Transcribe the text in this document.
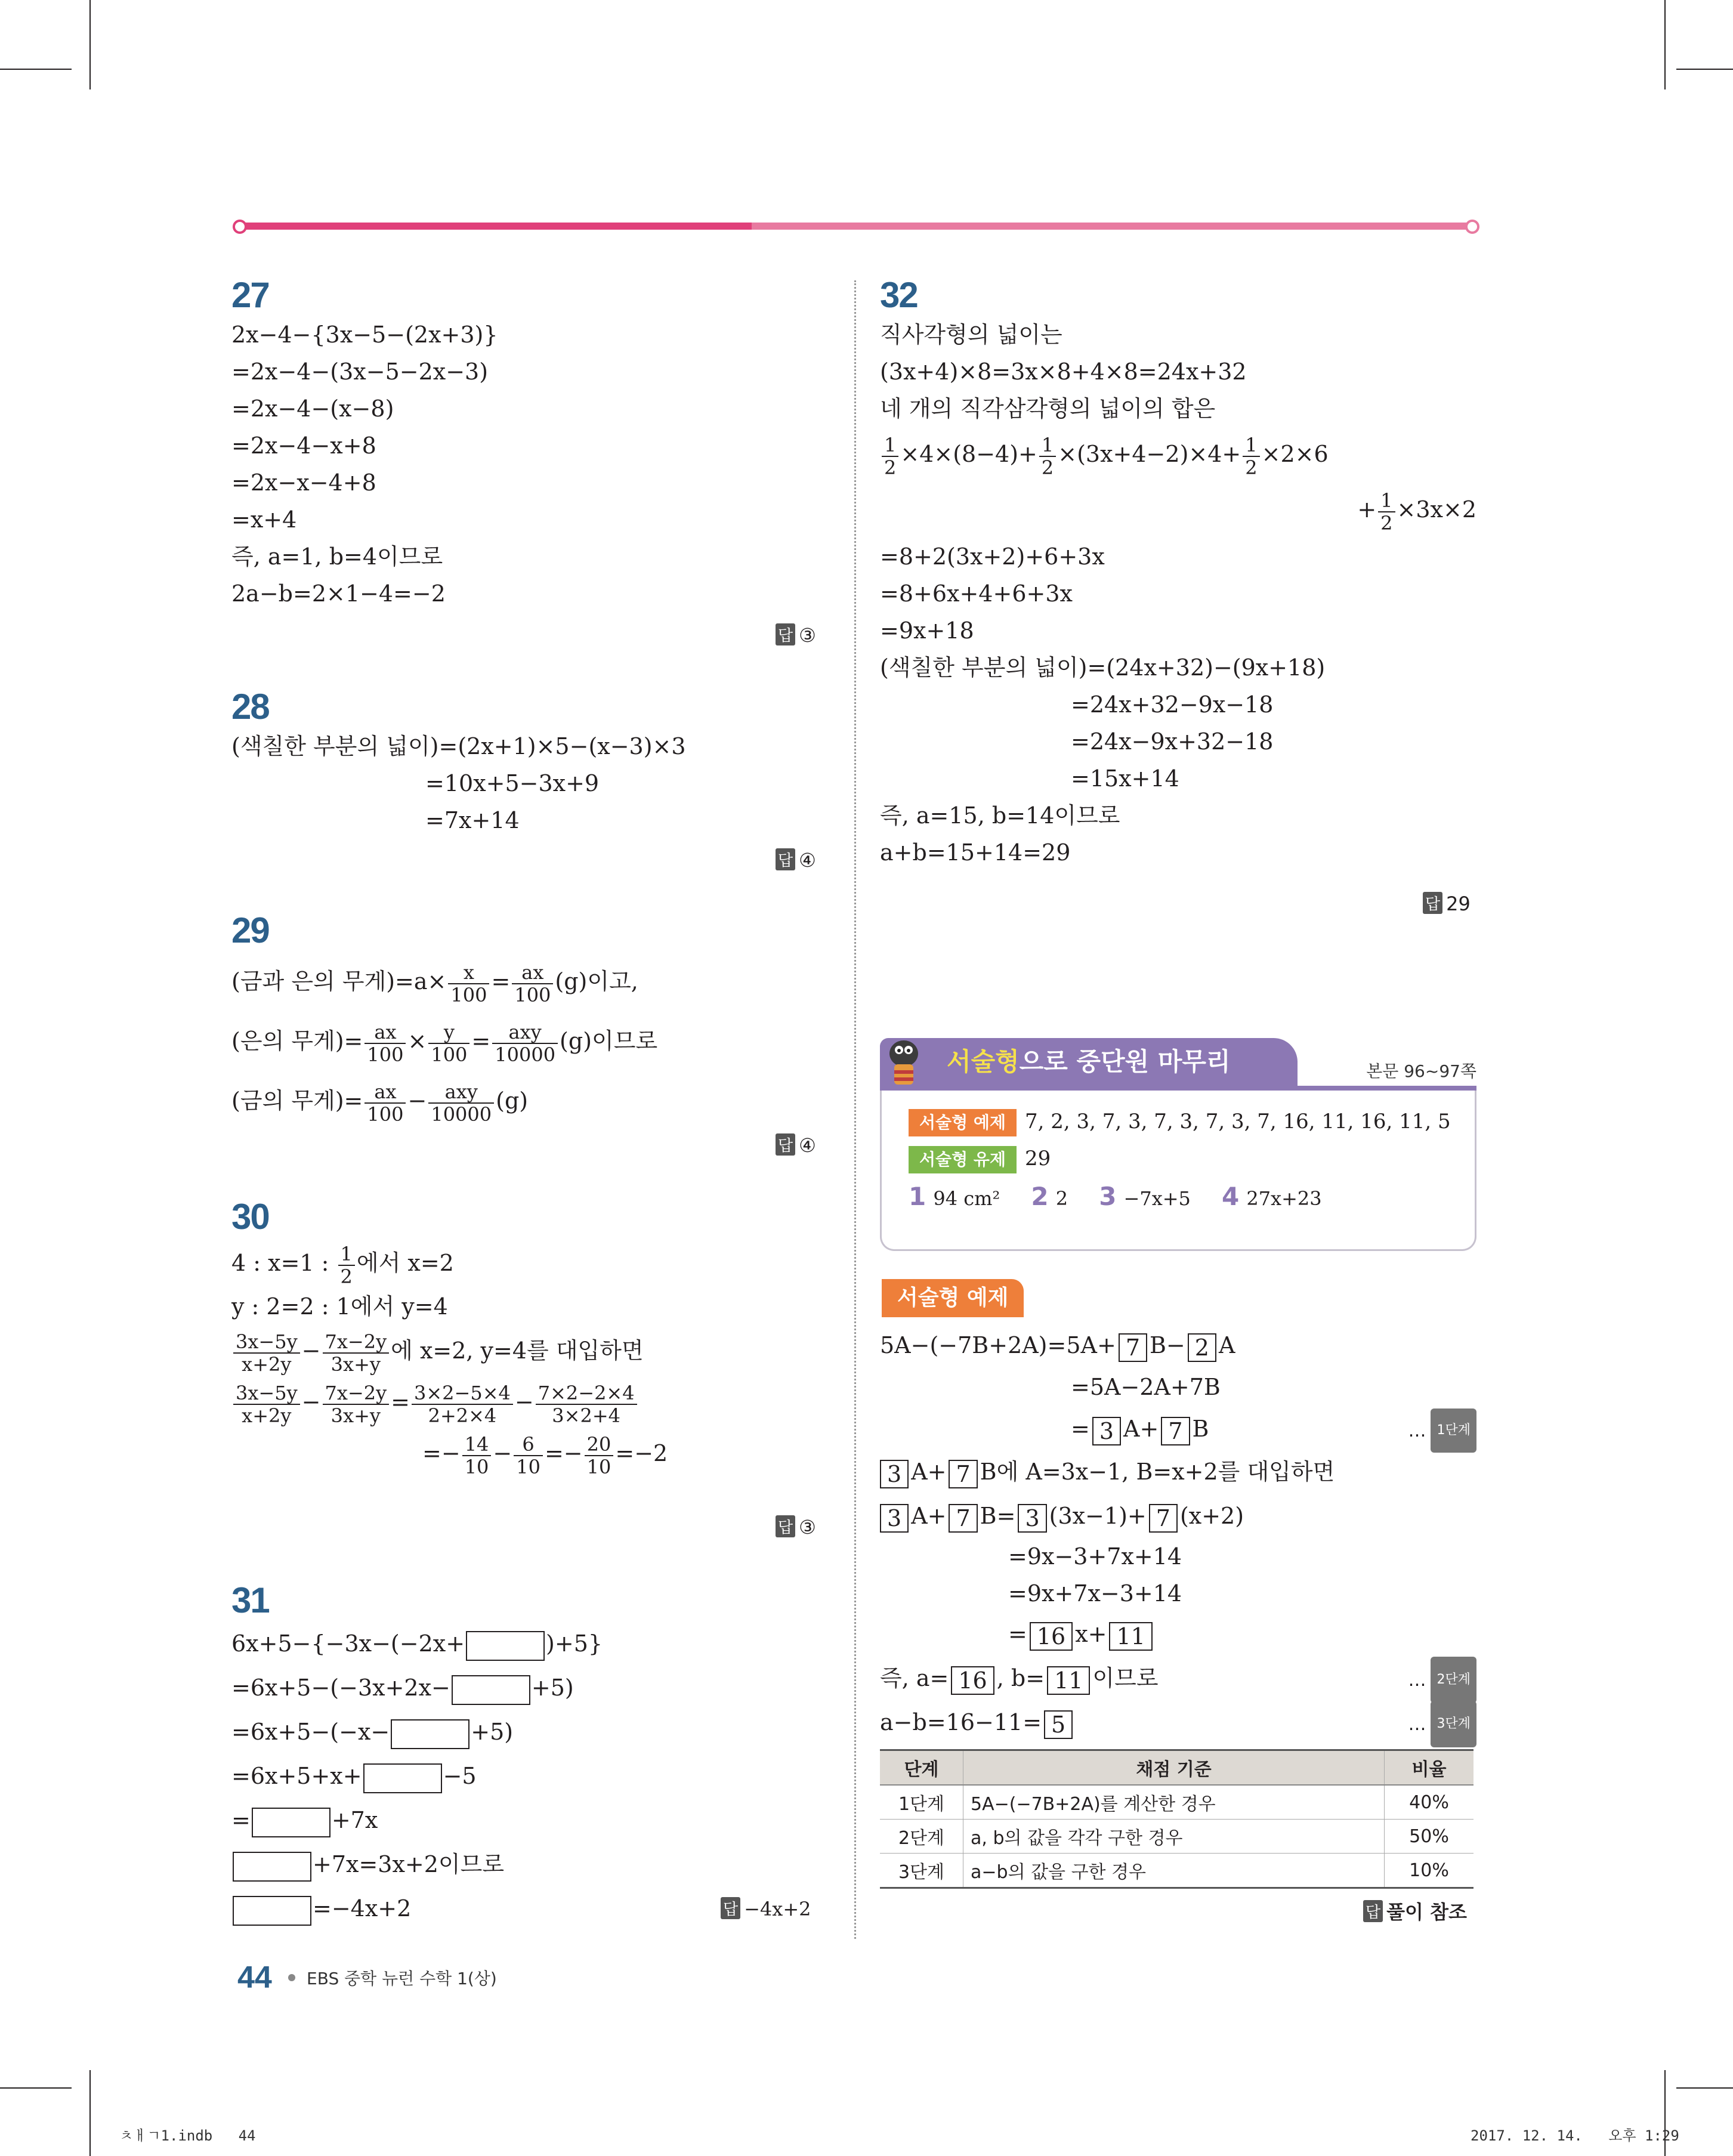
27
2x−4−{3x−5−(2x+3)}
=2x−4−(3x−5−2x−3)
=2x−4−(x−8)
=2x−4−x+8
=2x−x−4+8
=x+4
즉, a=1, b=4이므로
2a−b=2×1−4=−2
답 ③
28
(색칠한 부분의 넓이)=(2x+1)×5−(x−3)×3
=10x+5−3x+9
=7x+14
답 ④
29
(금과 은의 무게)$=a\times \frac{x}{100} = \frac{ax}{100} (g)$이고,
(은의 무게)= $\frac{ax}{100} \times \frac{y}{100} = \frac{\text{axy}}{10000} (g)$이므로
(금의 무게)= $\frac{ax}{100} - \frac{\text{axy}}{10000} (g)$
답 ④
30
4 : x=1 : $\frac{1}{2}$ 에서 x=2
y : 2=2 : 1에서 y=4
$\frac{3x-5y}{x+2y} - \frac{7x-2y}{3x+y}$ 에 x=2, y=4를 대입하면
$\frac{3x-5y}{x+2y} - \frac{7x-2y}{3x+y} = \frac{3\times 2-5\times 4}{2+2\times 4} - \frac{7\times 2-2\times 4}{3\times 2+4}$
=− $\frac{14}{10} - \frac{6}{10} =- \frac{20}{10} =-2$
답 ③
31
6x+5−{−3x−(−2x+	)+5}
=6x+5−(−3x+2x−	+5)
=6x+5−(−x−	+5)
=6x+5+x+	−5
=	+7x
+7x=3x+2이므로
=−4x+2	답 −4x+2
32
직사각형의 넓이는
(3x+4)×8=3x×8+4×8=24x+32
네 개의 직각삼각형의 넓이의 합은
$\frac{1}{2} \times 4\times(8-4)+ \frac{1}{2} \times(3x+4-2)\times 4+ \frac{1}{2} \times 2\times 6$
+ $\frac{1}{2} \times 3x\times 2$
=8+2(3x+2)+6+3x
=8+6x+4+6+3x
=9x+18
(색칠한 부분의 넓이)=(24x+32)−(9x+18)
=24x+32−9x−18
=24x−9x+32−18
=15x+14
즉, a=15, b=14이므로
a+b=15+14=29
답 29
서술형으로 중단원 마무리	본문 96~97쪽
서술형 예제 7, 2, 3, 7, 3, 7, 3, 7, 3, 7, 16, 11, 16, 11, 5
서술형 유제 29
1 94 cm² 2 2 3 −7x+5 4 27x+23
서술형 예제
5A−(−7B+2A)=5A+ 7 B− 2 A
=5A−2A+7B
= 3 A+ 7 B	… 1단계
3 A+ 7 B에 A=3x−1, B=x+2를 대입하면
3 A+ 7 B= 3 (3x−1)+ 7 (x+2)
=9x−3+7x+14
=9x+7x−3+14
= 16 x+ 11
즉, a= 16 , b= 11 이므로	… 2단계
a−b=16−11= 5	… 3단계
단계	채점 기준	비율
1단계	5A−(−7B+2A)를 계산한 경우	40%
2단계	a, b의 값을 각각 구한 경우	50%
3단계	a−b의 값을 구한 경우	10%
답 풀이 참조
44 EBS 중학 뉴런 수학 1(상)
ㅊㅐㄱ1.indb   44	2017. 12. 14.   오후 1:29
